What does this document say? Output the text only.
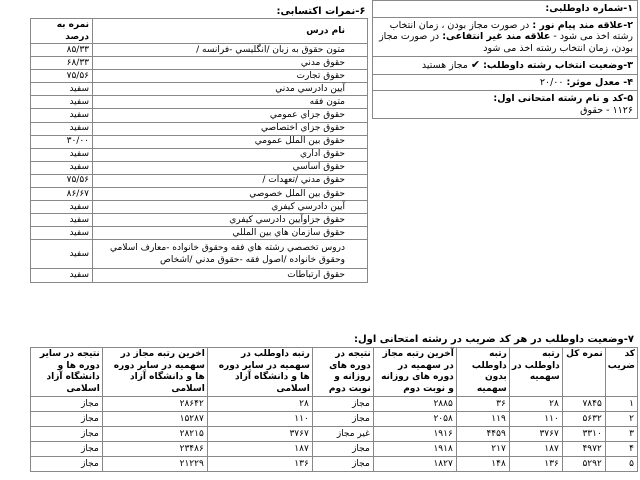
۶-نمرات اکتسابی:	
نام درس	نمره به درصد
متون حقوق به زبان /انگلیسي -فرانسه /	۸۵/۳۳
حقوق مدني	۶۸/۳۳
حقوق تجارت	۷۵/۵۶
آیین دادرسي مدني	سفید
متون فقه	سفید
حقوق جزاي عمومي	سفید
حقوق جزاي اختصاصي	سفید
حقوق بین الملل عمومي	۳۰/۰۰
حقوق اداري	سفید
حقوق اساسي	سفید
حقوق مدني /تعهدات /	۷۵/۵۶
حقوق بین الملل خصوصي	۸۶/۶۷
آیین دادرسي کیفري	سفید
حقوق جزاوآیین دادرسي کیفري	سفید
حقوق سازمان هاي بین المللي	سفید
دروس تخصصي رشته هاي فقه وحقوق خانواده -معارف اسلامي وحقوق خانواده /اصول فقه -حقوق مدني /اشخاص	سفید
حقوق ارتباطات	سفید
۱-شماره داوطلبی:
۲-علاقه مند پیام نور : در صورت مجاز بودن ، زمان انتخاب رشته اخذ می شود - علاقه مند غیر انتفاعی: در صورت مجاز بودن، زمان انتخاب رشته اخذ می شود
۳-وضعیت انتخاب رشته داوطلب: ✔ مجاز هستید
۴- معدل موثر: ۲۰/۰۰
۵-کد و نام رشته امتحانی اول:
۱۱۲۶ - حقوق
۷-وضعیت داوطلب در هر کد ضریب در رشته امتحانی اول:
کد ضریب	نمره کل	رتبه داوطلب در سهمیه	رتبه داوطلب بدون سهمیه	آخرین رتبه مجاز در سهمیه در دوره های روزانه و نوبت دوم	نتیجه در دوره های روزانه و نوبت دوم	رتبه داوطلب در سهمیه در سایر دوره ها و دانشگاه آزاد اسلامی	اخرین رتبه مجاز در سهمیه در سایر دوره ها و دانشگاه آزاد اسلامی	نتیجه در سایر دوره ها و دانشگاه آزاد اسلامی
۱	۷۸۴۵	۲۸	۳۶	۲۸۸۵	مجاز	۲۸	۲۸۶۴۲	مجاز
۲	۵۶۳۲	۱۱۰	۱۱۹	۲۰۵۸	مجاز	۱۱۰	۱۵۲۸۷	مجاز
۳	۳۳۱۰	۳۷۶۷	۴۴۵۹	۱۹۱۶	غیر مجاز	۳۷۶۷	۲۸۲۱۵	مجاز
۴	۴۹۷۲	۱۸۷	۲۱۷	۱۹۱۸	مجاز	۱۸۷	۲۳۴۸۶	مجاز
۵	۵۲۹۲	۱۳۶	۱۴۸	۱۸۲۷	مجاز	۱۳۶	۲۱۲۲۹	مجاز
